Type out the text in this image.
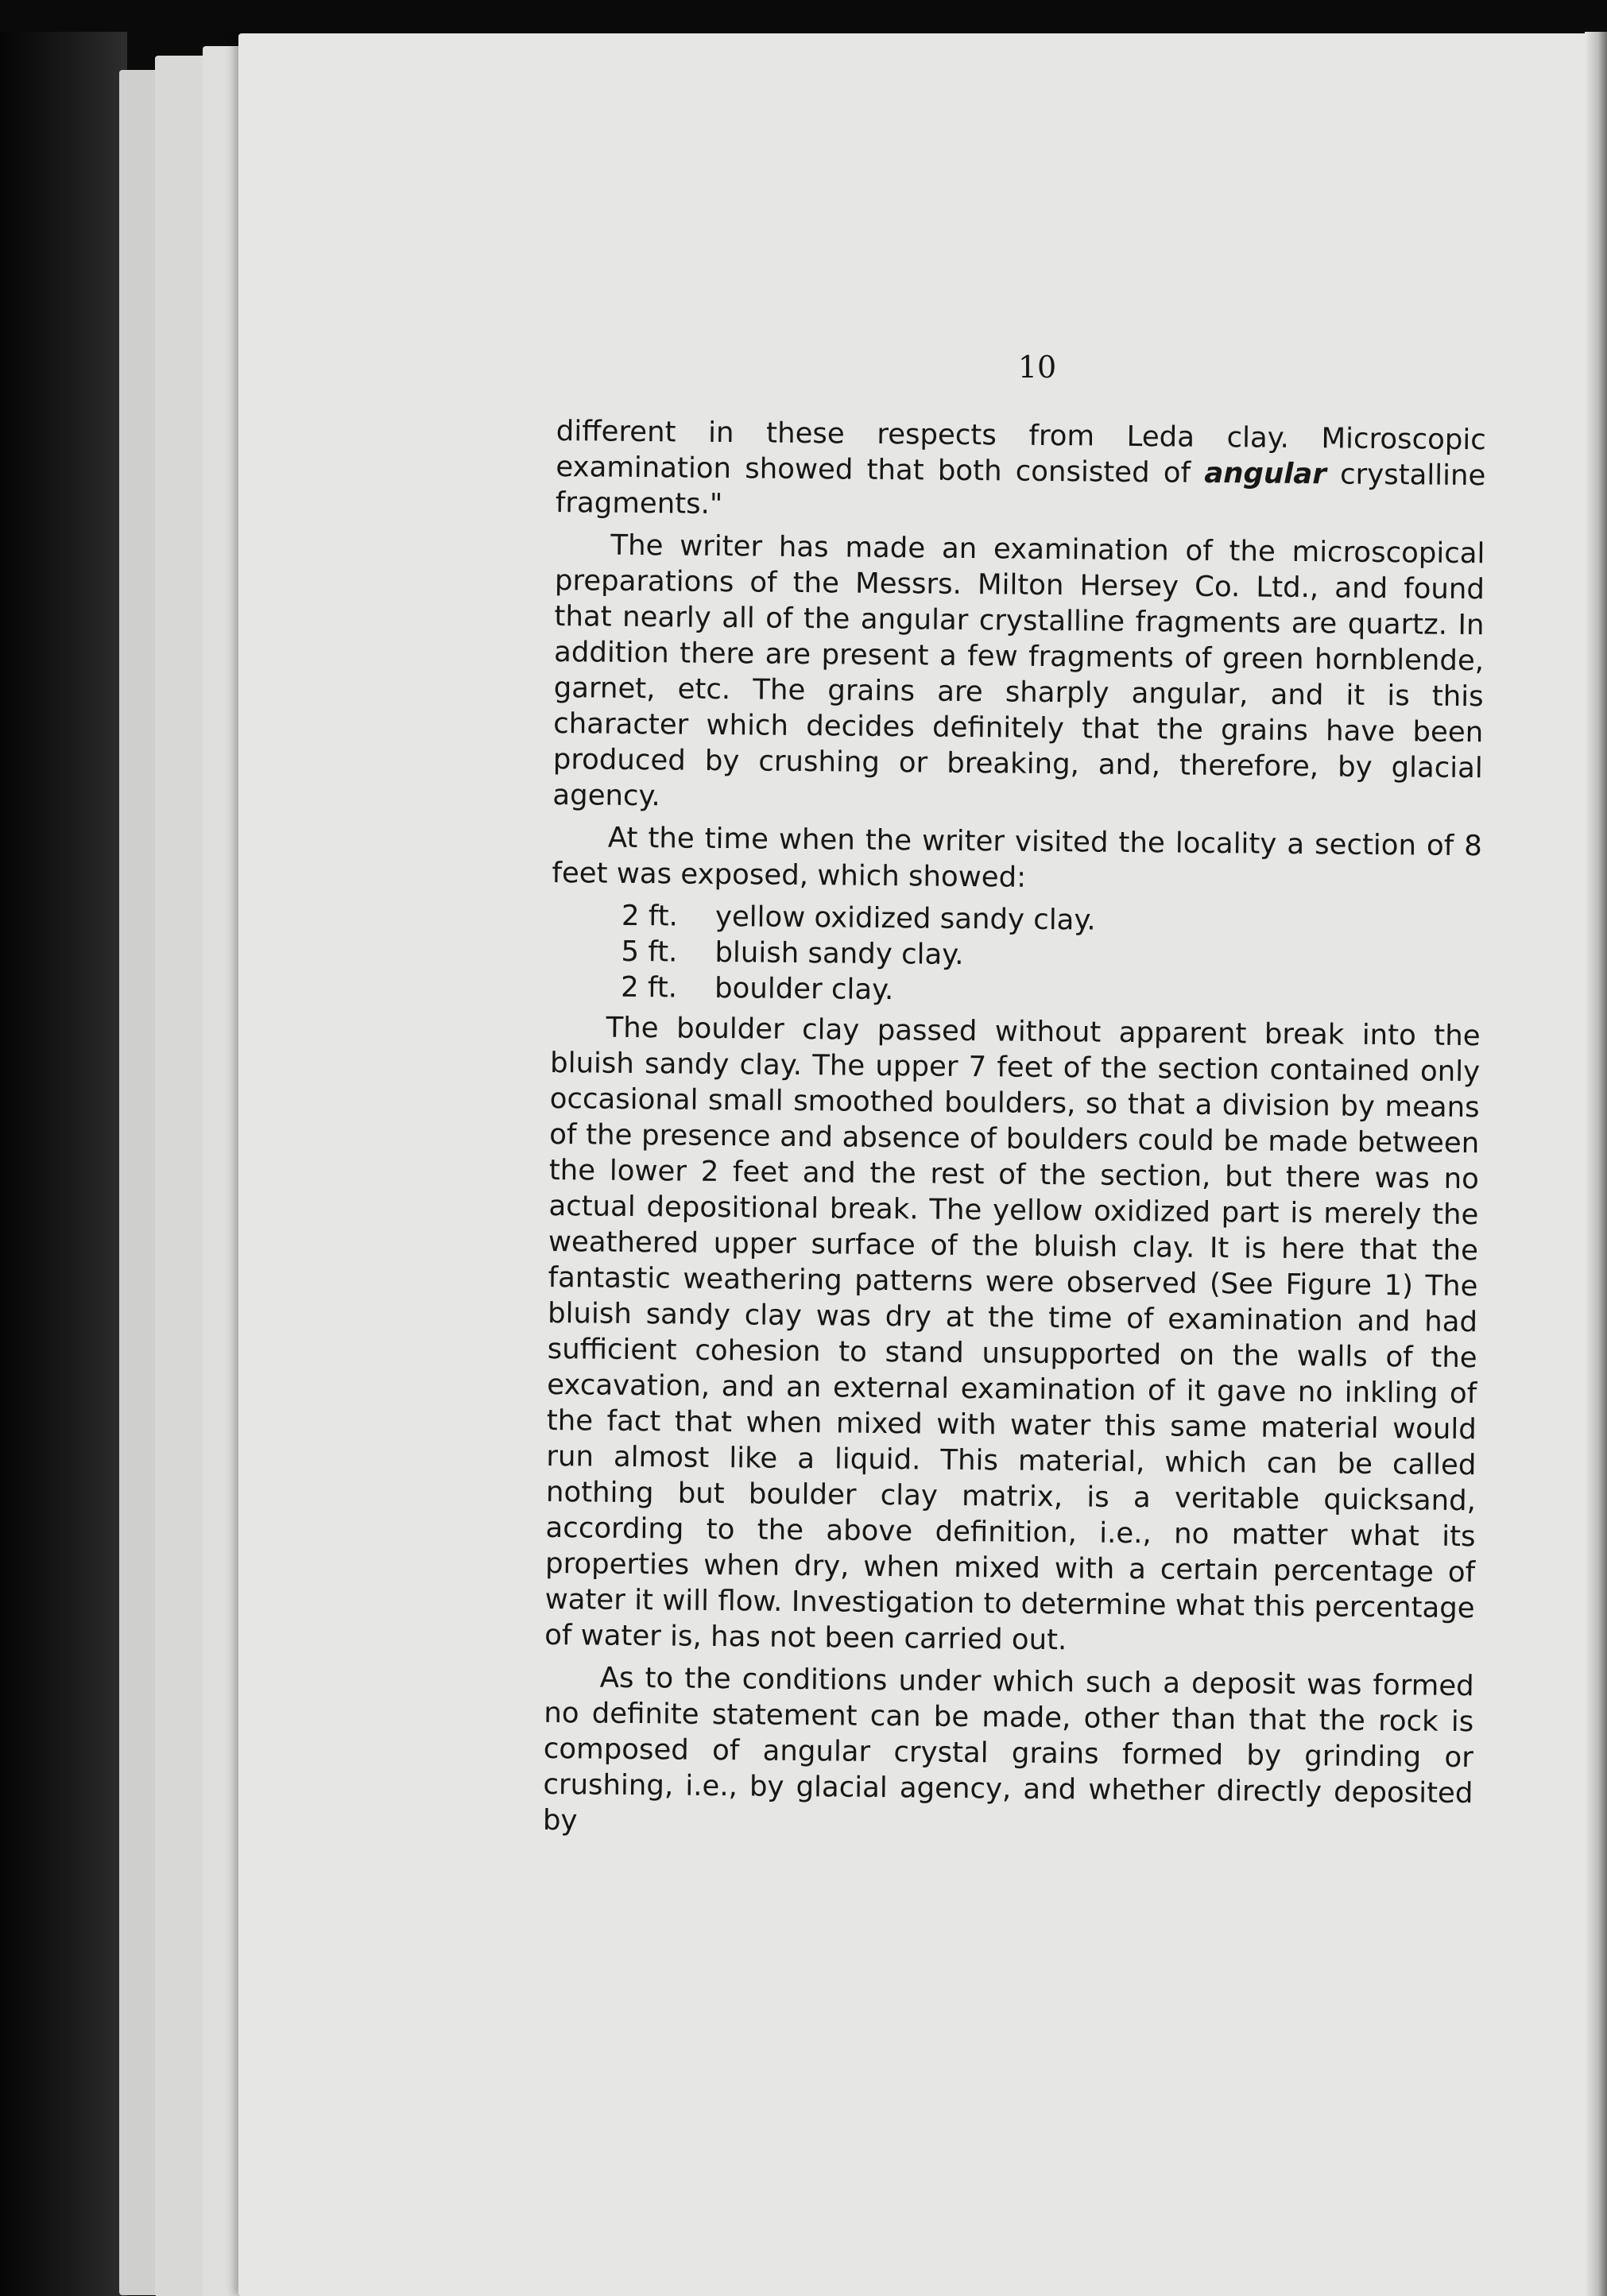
10

different in these respects from Leda clay. Microscopic examination showed that both consisted of angular crystalline fragments."

The writer has made an examination of the microscopical preparations of the Messrs. Milton Hersey Co. Ltd., and found that nearly all of the angular crystalline fragments are quartz. In addition there are present a few fragments of green hornblende, garnet, etc. The grains are sharply angular, and it is this character which decides definitely that the grains have been produced by crushing or breaking, and, therefore, by glacial agency.

At the time when the writer visited the locality a section of 8 feet was exposed, which showed:

2 ft.	yellow oxidized sandy clay.
5 ft.	bluish sandy clay.
2 ft.	boulder clay.

The boulder clay passed without apparent break into the bluish sandy clay. The upper 7 feet of the section contained only occasional small smoothed boulders, so that a division by means of the presence and absence of boulders could be made between the lower 2 feet and the rest of the section, but there was no actual depositional break. The yellow oxidized part is merely the weathered upper surface of the bluish clay. It is here that the fantastic weathering patterns were observed (See Figure 1) The bluish sandy clay was dry at the time of examination and had sufficient cohesion to stand unsupported on the walls of the excavation, and an external examination of it gave no inkling of the fact that when mixed with water this same material would run almost like a liquid. This material, which can be called nothing but boulder clay matrix, is a veritable quicksand, according to the above definition, i.e., no matter what its properties when dry, when mixed with a certain percentage of water it will flow. Investigation to determine what this percentage of water is, has not been carried out.

As to the conditions under which such a deposit was formed no definite statement can be made, other than that the rock is composed of angular crystal grains formed by grinding or crushing, i.e., by glacial agency, and whether directly deposited by
